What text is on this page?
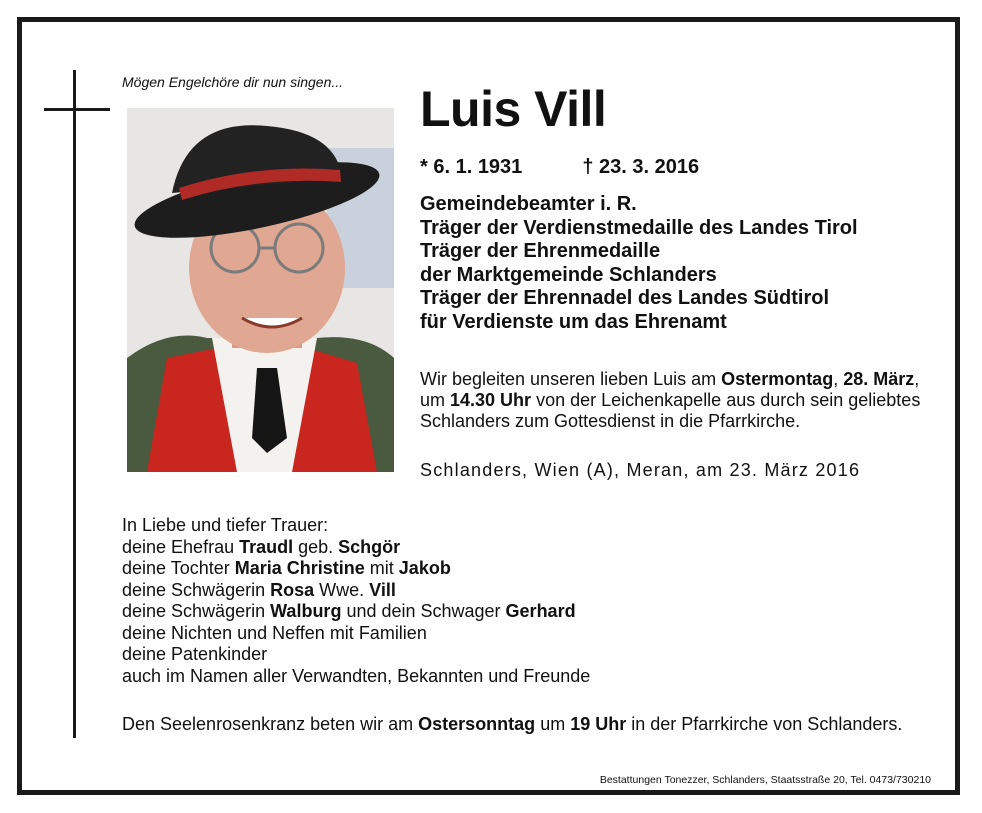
Mögen Engelchöre dir nun singen... Luis Vill
* 6. 1. 1931	† 23. 3. 2016
Gemeindebeamter i. R.
Träger der Verdienstmedaille des Landes Tirol
Träger der Ehrenmedaille
der Marktgemeinde Schlanders
Träger der Ehrennadel des Landes Südtirol
für Verdienste um das Ehrenamt
Wir begleiten unseren lieben Luis am Ostermontag, 28. März, um 14.30 Uhr von der Leichenkapelle aus durch sein geliebtes Schlanders zum Gottesdienst in die Pfarrkirche.
Schlanders, Wien (A), Meran, am 23. März 2016
In Liebe und tiefer Trauer:
deine Ehefrau Traudl geb. Schgör
deine Tochter Maria Christine mit Jakob
deine Schwägerin Rosa Wwe. Vill
deine Schwägerin Walburg und dein Schwager Gerhard
deine Nichten und Neffen mit Familien
deine Patenkinder
auch im Namen aller Verwandten, Bekannten und Freunde
Den Seelenrosenkranz beten wir am Ostersonntag um 19 Uhr in der Pfarrkirche von Schlanders.
Bestattungen Tonezzer, Schlanders, Staatsstraße 20, Tel. 0473/730210
